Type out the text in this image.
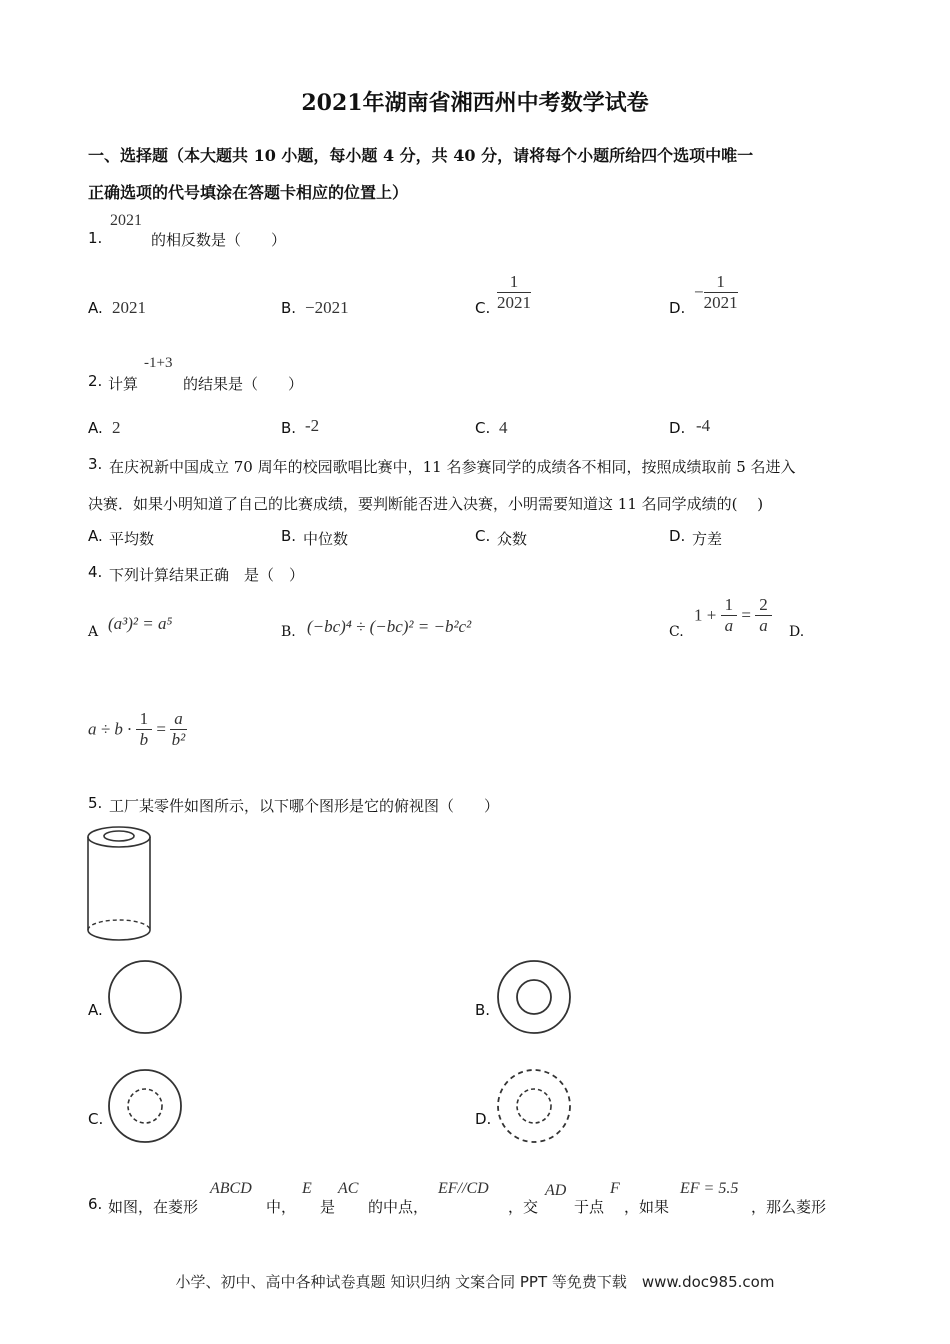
2021年湖南省湘西州中考数学试卷
一、选择题（本大题共 10 小题，每小题 4 分，共 40 分，请将每个小题所给四个选项中唯一
正确选项的代号填涂在答题卡相应的位置上）
1.
2021
的相反数是（　　）
A. 2021	B. −2021	C. $\frac{1}{2021}$	D.
− $\frac{1}{2021}$
2. 计算
-1+3
的结果是（　　）
A. 2	B. -2	C. 4	D. -4
3. 在庆祝新中国成立 70 周年的校园歌唱比赛中，11 名参赛同学的成绩各不相同，按照成绩取前 5 名进入
决赛．如果小明知道了自己的比赛成绩，要判断能否进入决赛，小明需要知道这 11 名同学成绩的(　 )
A. 平均数	B. 中位数	C. 众数	D. 方差
4. 下列计算结果正确　是（　）
A (a³)² = a⁵	B. (−bc)⁴ ÷ (−bc)² = −b²c²	C.
$1 + \frac{1}{a} = \frac{2}{a} D$.
$a \div b \cdot \frac{1}{b} = \frac{a}{\text{b²}}$
5. 工厂某零件如图所示，以下哪个图形是它的俯视图（　　）
A.	B.
C.	D.
6. 如图，在菱形
ABCD
中，
E
是
AC
的中点，
EF//CD
，交
AD
于点
F
，如果
EF = 5.5
，那么菱形
小学、初中、高中各种试卷真题 知识归纳 文案合同 PPT 等免费下载　www.doc985.com
